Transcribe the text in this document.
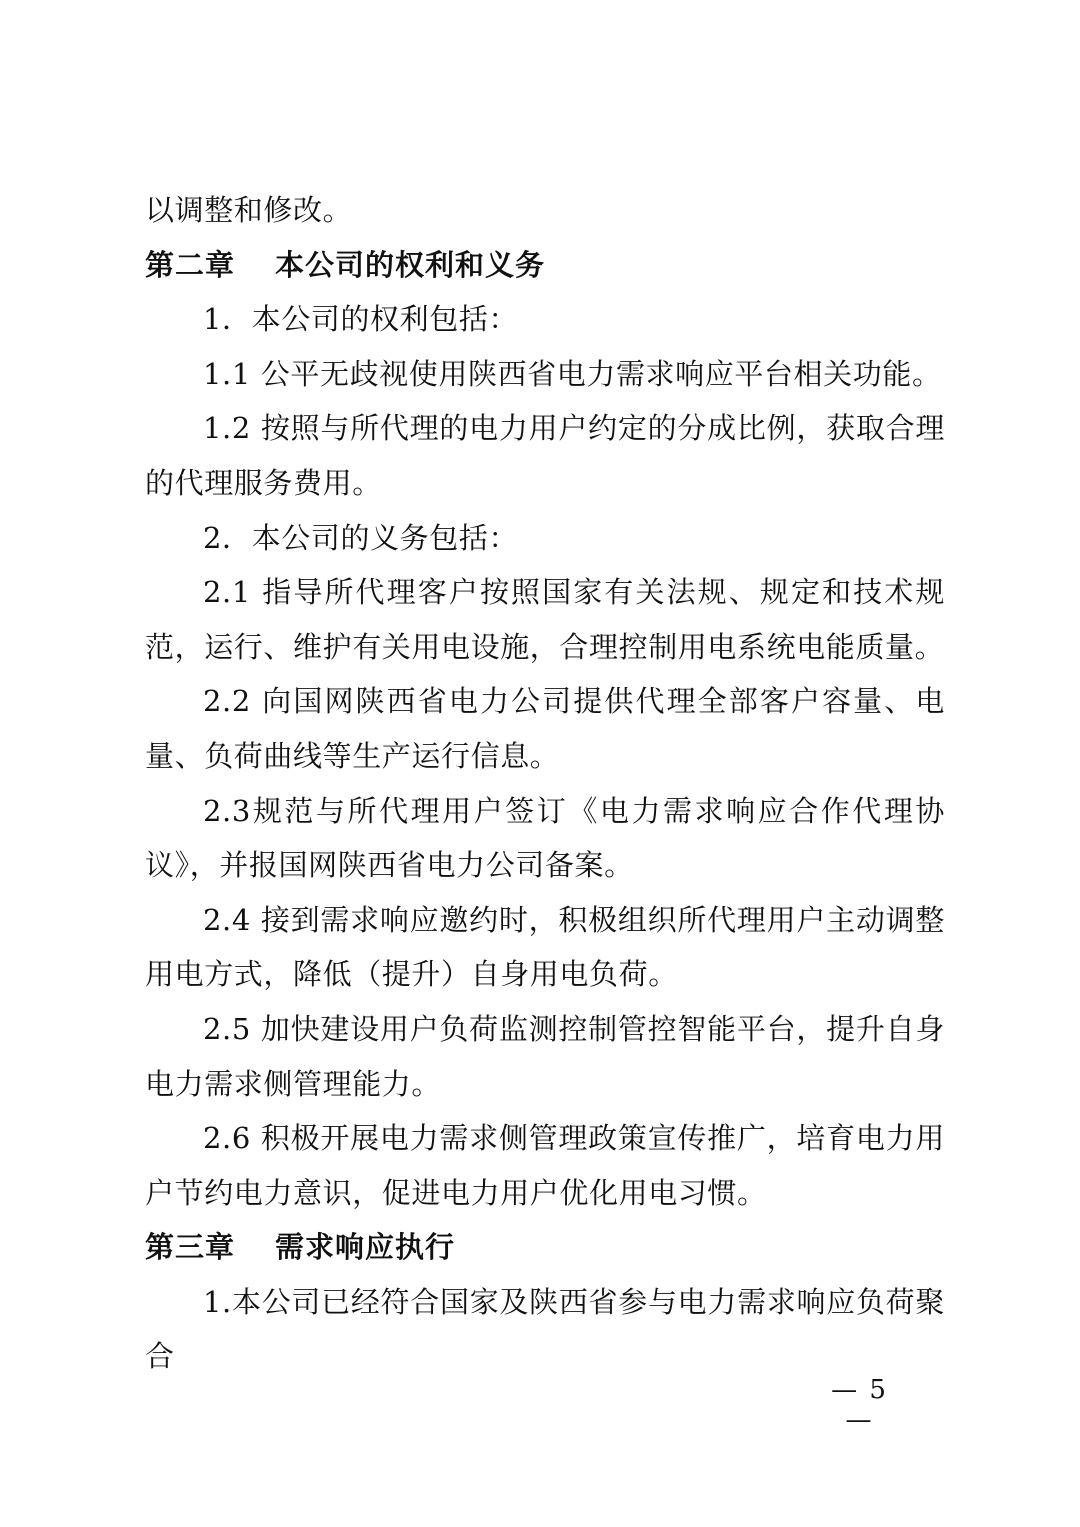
以调整和修改。

第二章 本公司的权利和义务

1．本公司的权利包括：

1.1 公平无歧视使用陕西省电力需求响应平台相关功能。

1.2 按照与所代理的电力用户约定的分成比例，获取合理的代理服务费用。

2．本公司的义务包括：

2.1 指导所代理客户按照国家有关法规、规定和技术规范，运行、维护有关用电设施，合理控制用电系统电能质量。

2.2 向国网陕西省电力公司提供代理全部客户容量、电量、负荷曲线等生产运行信息。

2.3规范与所代理用户签订《电力需求响应合作代理协议》，并报国网陕西省电力公司备案。

2.4 接到需求响应邀约时，积极组织所代理用户主动调整用电方式，降低（提升）自身用电负荷。

2.5 加快建设用户负荷监测控制管控智能平台，提升自身电力需求侧管理能力。

2.6 积极开展电力需求侧管理政策宣传推广，培育电力用户节约电力意识，促进电力用户优化用电习惯。

第三章 需求响应执行

1.本公司已经符合国家及陕西省参与电力需求响应负荷聚合

— 5 —
